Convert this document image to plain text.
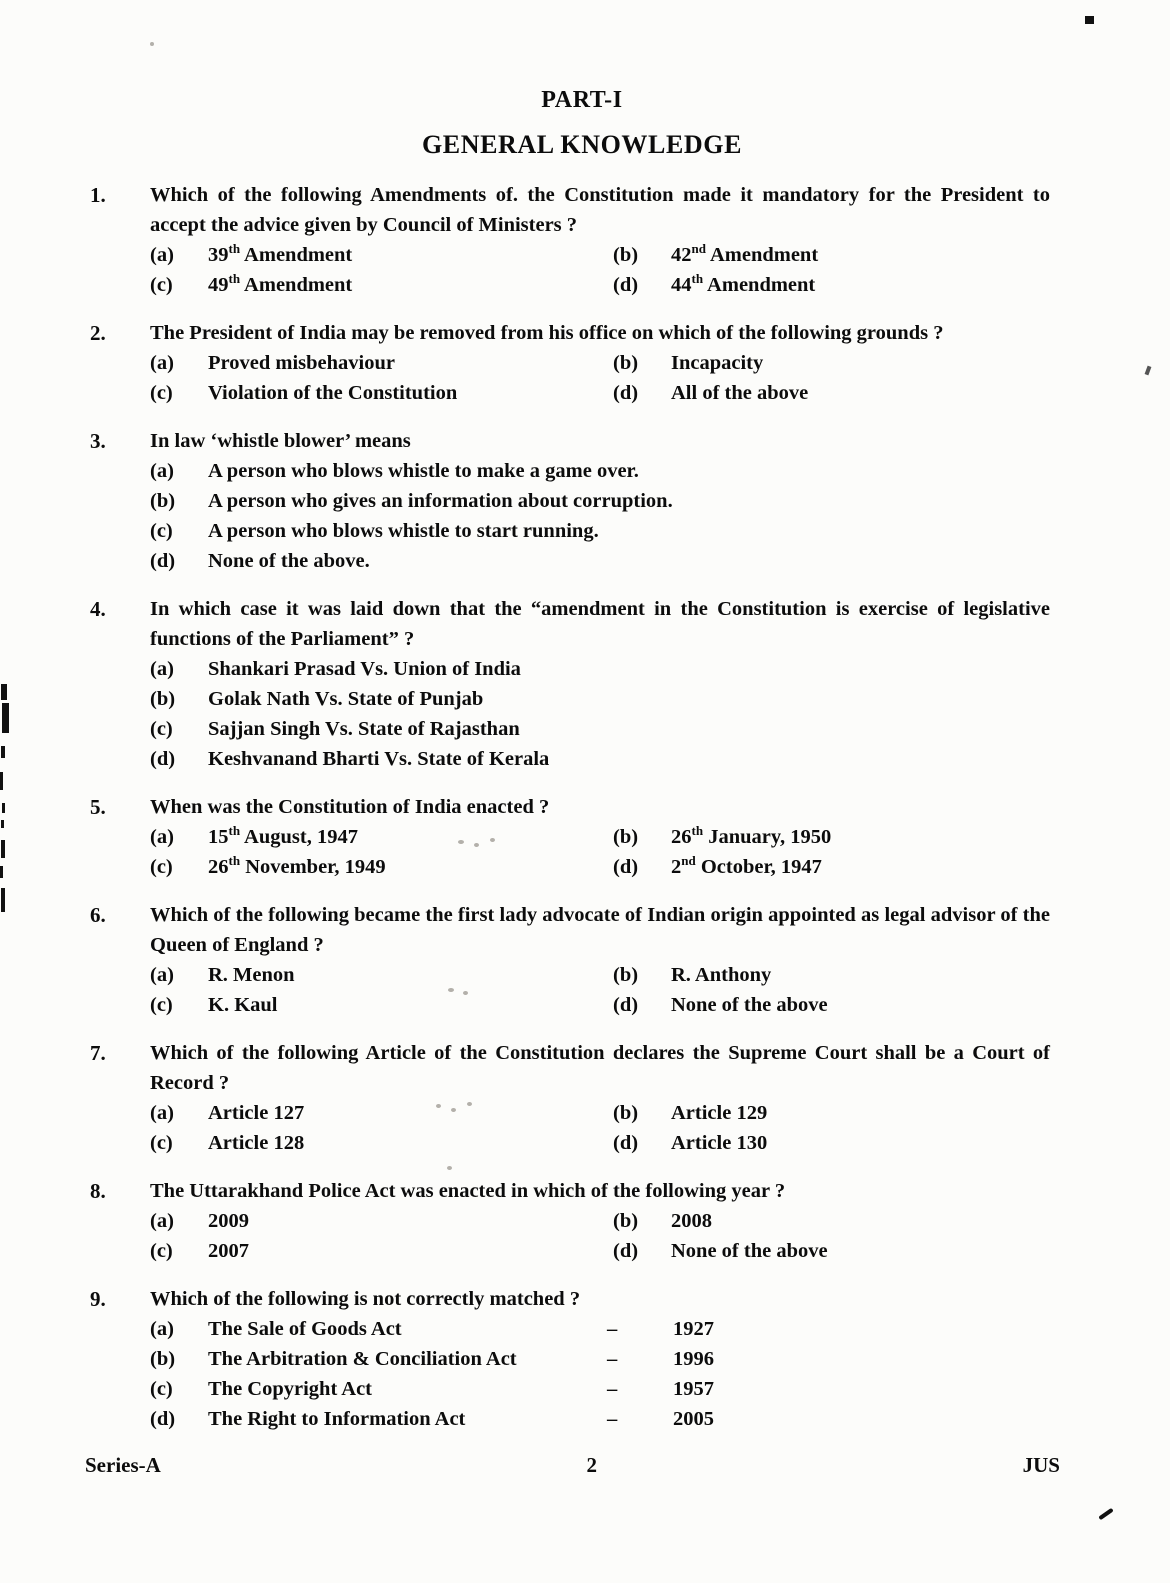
PART-I
GENERAL KNOWLEDGE
1.	Which of the following Amendments of. the Constitution made it mandatory for the President to accept the advice given by Council of Ministers ?

(a)	39th Amendment	(b)	42nd Amendment
(c)	49th Amendment	(d)	44th Amendment
2.	The President of India may be removed from his office on which of the following grounds ?

(a)	Proved misbehaviour	(b)	Incapacity
(c)	Violation of the Constitution	(d)	All of the above
3.	In law ‘whistle blower’ means

(a)	A person who blows whistle to make a game over.
(b)	A person who gives an information about corruption.
(c)	A person who blows whistle to start running.
(d)	None of the above.
4.	In which case it was laid down that the “amendment in the Constitution is exercise of legislative functions of the Parliament” ?

(a)	Shankari Prasad Vs. Union of India
(b)	Golak Nath Vs. State of Punjab
(c)	Sajjan Singh Vs. State of Rajasthan
(d)	Keshvanand Bharti Vs. State of Kerala
5.	When was the Constitution of India enacted ?

(a)	15th August, 1947	(b)	26th January, 1950
(c)	26th November, 1949	(d)	2nd October, 1947
6.	Which of the following became the first lady advocate of Indian origin appointed as legal advisor of the Queen of England ?

(a)	R. Menon	(b)	R. Anthony
(c)	K. Kaul	(d)	None of the above
7.	Which of the following Article of the Constitution declares the Supreme Court shall be a Court of Record ?

(a)	Article 127	(b)	Article 129
(c)	Article 128	(d)	Article 130
8.	The Uttarakhand Police Act was enacted in which of the following year ?

(a)	2009	(b)	2008
(c)	2007	(d)	None of the above
9.	Which of the following is not correctly matched ?

(a)	The Sale of Goods Act	–	1927
(b)	The Arbitration & Conciliation Act	–	1996
(c)	The Copyright Act	–	1957
(d)	The Right to Information Act	–	2005
Series-A	2	JUS
